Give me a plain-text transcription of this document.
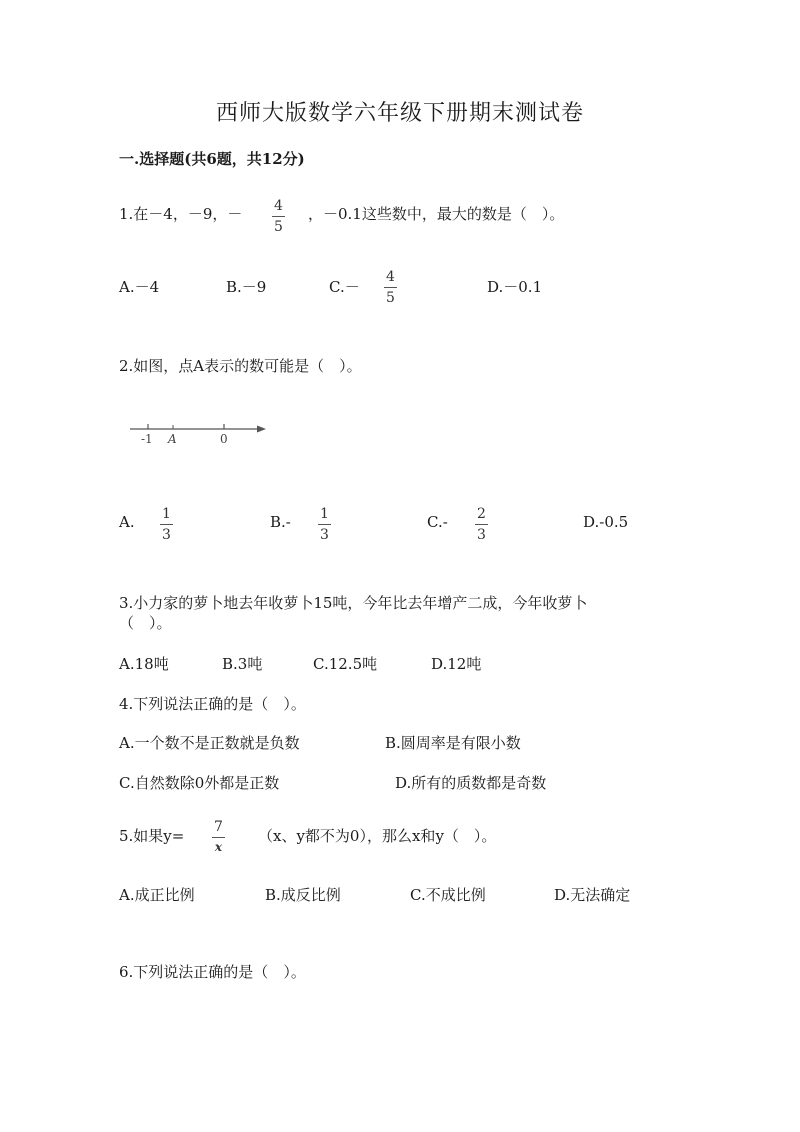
西师大版数学六年级下册期末测试卷
一.选择题(共6题，共12分)
1.在－4，－9，－ 4
5
，－0.1这些数中，最大的数是（　）。
A.－4	B.－9	C.－
4
5
D.－0.1
2.如图，点A表示的数可能是（　）。
-1 A	0
A. 1
3
B.- 1
3
C.- 2
3
D.-0.5
3.小力家的萝卜地去年收萝卜15吨，今年比去年增产二成，今年收萝卜
（　）。
A.18吨	B.3吨	C.12.5吨	D.12吨
4.下列说法正确的是（　）。
A.一个数不是正数就是负数	B.圆周率是有限小数
C.自然数除0外都是正数	D.所有的质数都是奇数
5.如果y= 7
x
（x、y都不为0），那么x和y（　）。
A.成正比例	B.成反比例	C.不成比例	D.无法确定
6.下列说法正确的是（　）。
